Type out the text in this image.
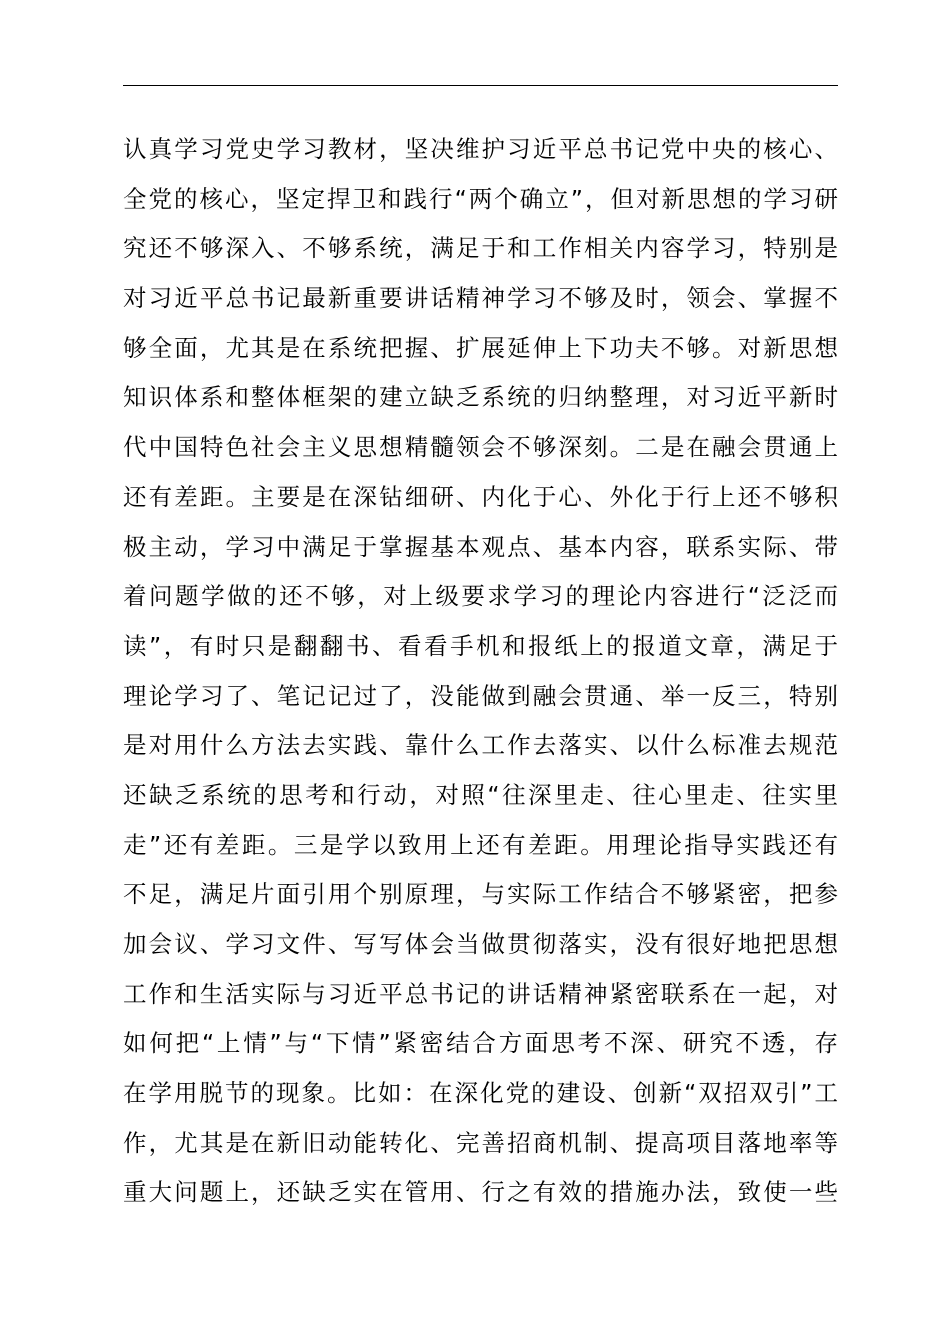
认真学习党史学习教材，坚决维护习近平总书记党中央的核心、
全党的核心，坚定捍卫和践行“两个确立”，但对新思想的学习研
究还不够深入、不够系统，满足于和工作相关内容学习，特别是
对习近平总书记最新重要讲话精神学习不够及时，领会、掌握不
够全面，尤其是在系统把握、扩展延伸上下功夫不够。对新思想
知识体系和整体框架的建立缺乏系统的归纳整理，对习近平新时
代中国特色社会主义思想精髓领会不够深刻。二是在融会贯通上
还有差距。主要是在深钻细研、内化于心、外化于行上还不够积
极主动，学习中满足于掌握基本观点、基本内容，联系实际、带
着问题学做的还不够，对上级要求学习的理论内容进行“泛泛而
读”，有时只是翻翻书、看看手机和报纸上的报道文章，满足于
理论学习了、笔记记过了，没能做到融会贯通、举一反三，特别
是对用什么方法去实践、靠什么工作去落实、以什么标准去规范
还缺乏系统的思考和行动，对照“往深里走、往心里走、往实里
走”还有差距。三是学以致用上还有差距。用理论指导实践还有
不足，满足片面引用个别原理，与实际工作结合不够紧密，把参
加会议、学习文件、写写体会当做贯彻落实，没有很好地把思想
工作和生活实际与习近平总书记的讲话精神紧密联系在一起，对
如何把“上情”与“下情”紧密结合方面思考不深、研究不透，存
在学用脱节的现象。比如：在深化党的建设、创新“双招双引”工
作，尤其是在新旧动能转化、完善招商机制、提高项目落地率等
重大问题上，还缺乏实在管用、行之有效的措施办法，致使一些
